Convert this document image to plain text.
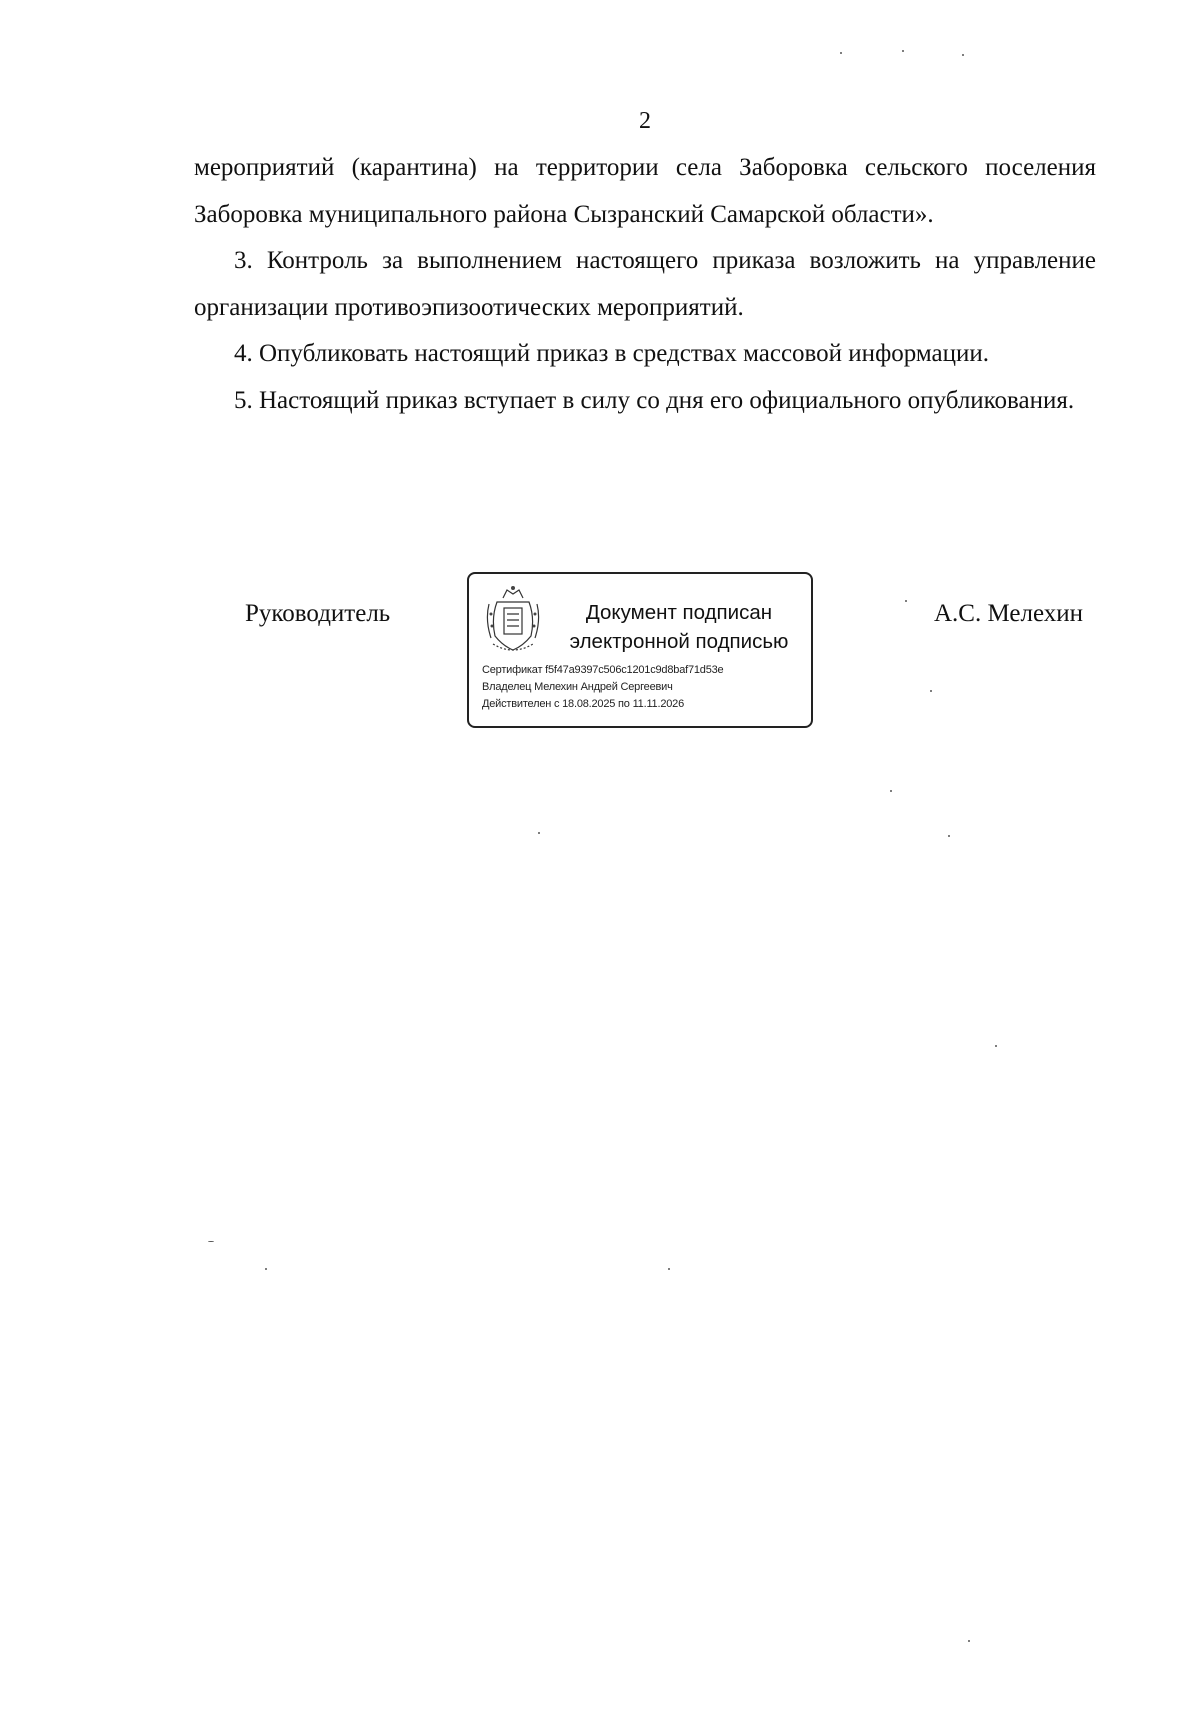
2

мероприятий (карантина) на территории села Заборовка сельского поселения Заборовка муниципального района Сызранский Самарской области».

3. Контроль за выполнением настоящего приказа возложить на управление организации противоэпизоотических мероприятий.

4. Опубликовать настоящий приказ в средствах массовой информации.

5. Настоящий приказ вступает в силу со дня его официального опубликования.

Руководитель	Документ подписан
электронной подписью
Сертификат f5f47a9397c506c1201c9d8baf71d53e
Владелец Мелехин Андрей Сергеевич
Действителен с 18.08.2025 по 11.11.2026
А.С. Мелехин
